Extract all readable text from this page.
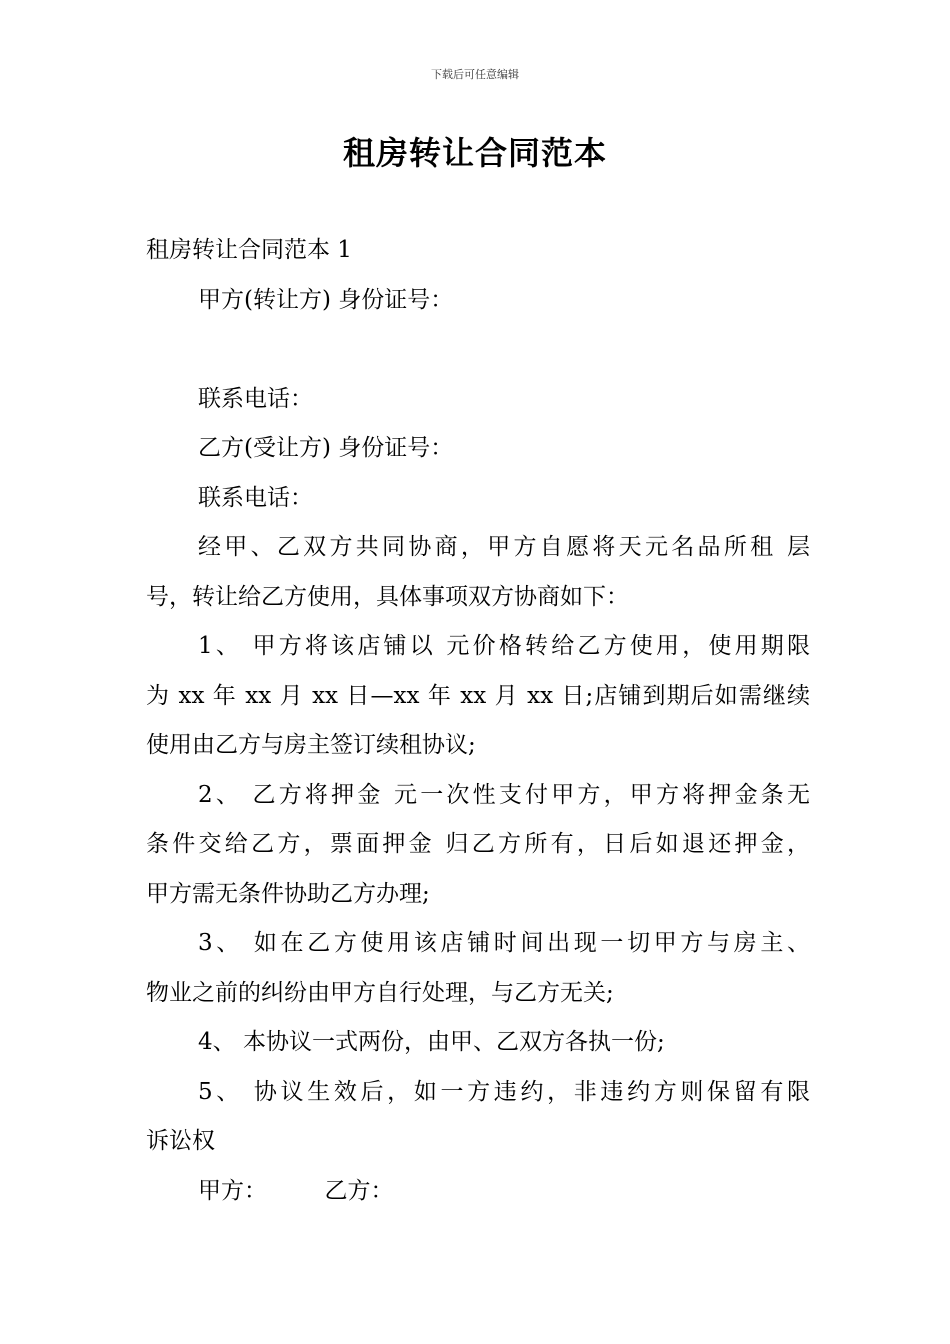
下载后可任意编辑
租房转让合同范本
租房转让合同范本 1
甲方(转让方) 身份证号：
联系电话：
乙方(受让方) 身份证号：
联系电话：
经甲、乙双方共同协商，甲方自愿将天元名品所租 层
号，转让给乙方使用，具体事项双方协商如下：
1、 甲方将该店铺以 元价格转给乙方使用，使用期限
为 xx 年 xx 月 xx 日—xx 年 xx 月 xx 日;店铺到期后如需继续
使用由乙方与房主签订续租协议;
2、 乙方将押金 元一次性支付甲方，甲方将押金条无
条件交给乙方，票面押金 归乙方所有，日后如退还押金，
甲方需无条件协助乙方办理;
3、 如在乙方使用该店铺时间出现一切甲方与房主、
物业之前的纠纷由甲方自行处理，与乙方无关;
4、 本协议一式两份，由甲、乙双方各执一份;
5、 协议生效后，如一方违约，非违约方则保留有限
诉讼权
甲方：　　　乙方：
